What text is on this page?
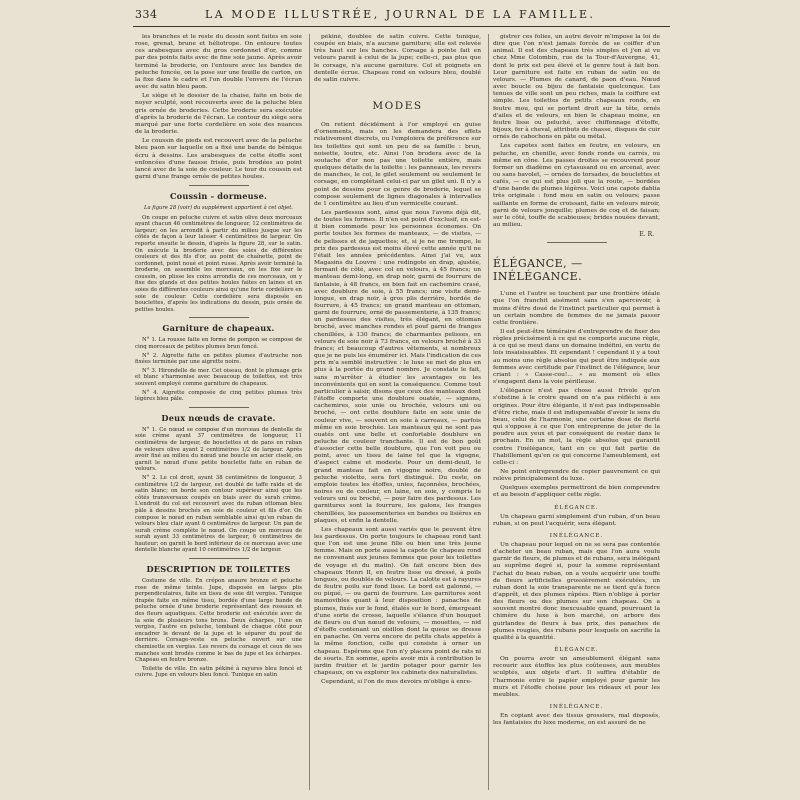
334	LA MODE ILLUSTRÉE, JOURNAL DE LA FAMILLE.

les branches et le reste du dessin sont faites en soie rose, grenat, brune et héliotrope. On entoure toutes ces arabesques avec du gros cordonnet d'or, comme par des points faits avec de fine soie jaune. Après avoir terminé la broderie, on l'entoure avec les bandes de peluche foncée, on la pose sur une feuille de carton, on la fixe dans le cadre et l'on double l'envers de l'écran avec du satin bleu paon.

Le siège et le dossier de la chaise, faite en bois de noyer sculpté, sont recouverts avec de la peluche bleu gris ornée de broderies. Cette broderie sera exécutée d'après la broderie de l'écran. Le contour du siège sera marqué par une forte cordelière en soie des nuances de la broderie.

Le coussin de pieds est recouvert avec de la peluche bleu paon sur laquelle on a fixé une bande de bénique écru à dessins. Les arabesques de cette étoffe sont enfoncées d'une fausse frisée, puis brodées au point lancé avec de la soie de couleur. Le tour du coussin est garni d'une frange ornée de petites houles.

Coussin - dormeuse.

La figure 28 (voir) du supplément appartient à cet objet.

On coupe en peluche cuivre et satin olive deux morceaux ayant chacun 46 centimètres de longueur, 12 centimètres de largeur; on les arrondit à partir du milieu jusque sur les côtés de façon à leur laisser 4 centimètres de largeur. On reporte ensuite le dessin, d'après la figure 28, sur le satin. On exécute la broderie avec des soies de différentes couleurs et des fils d'or, au point de chaînette, point de cordonnet, point noué et point russe. Après avoir terminé la broderie, on assemble les morceaux, on les fixe sur le coussin, on plisse les coins arrondis de ces morceaux, on y fixe des glands et des petites houles faites en laines et en soies de différentes couleurs ainsi qu'une forte cordelière en soie de couleur. Cette cordelière sera disposée en bouclettes, d'après les indications du dessin, puis ornée de petites houles.

Garniture de chapeaux.

N° 1. La rousse faite en forme de pompon se compose de cinq morceaux de petites plumes brun foncé.

N° 2. Aigrette faite en petites plumes d'autruche non fixées terminée par une aigrette noire.

N° 3. Hirondelle de mer. Cet oiseau, dont le plumage gris et blanc s'harmonise avec beaucoup de toilettes, est très souvent employé comme garniture de chapeaux.

N° 4. Aigrette composée de cinq petites plumes très légères bleu pâle.

Deux nœuds de cravate.

N° 1. Ce nœud se compose d'un morceau de dentelle de soie crème ayant 37 centimètres de longueur, 11 centimètres de largeur, de bouclettes et de pans en ruban de velours olive ayant 2 centimètres 1/2 de largeur. Après avoir fixé au milieu du nœud une boucle en acier ciselé, on garnit le nœud d'une petite bouclette faite en ruban de velours.

N° 2. Le col droit, ayant 38 centimètres de longueur, 3 centimètres 1/2 de largeur, est doublé de taffe raide et de satin blanc; on borde son contour supérieur ainsi que les côtés transversaux coupés en biais avec du surah crème. L'endroit du col est recouvert avec du ruban ottoman bleu pâle à dessins brochés en soie de couleur et fils d'or. On compose le nœud en ruban semblable ainsi qu'en ruban de velours bleu clair ayant 6 centimètres de largeur. Un pan de surah crème complète le nœud. On coupe un morceau de surah ayant 33 centimètres de largeur, 6 centimètres de hauteur; on garnit le bord inférieur de ce morceau avec une dentelle blanche ayant 10 centimètres 1/2 de largeur.

DESCRIPTION DE TOILETTES

Costume de ville. En crépon anaure bronze et peluche rose de même teinte. Jupe, disposée en larges plis perpendiculaires, faite en tissu de soie dit vergiss. Tunique drapée faite en même tissu, bordée d'une large bande de peluche ornée d'une broderie représentant des roseaux et des fleurs aquatiques. Cette broderie est exécutée avec de la soie de plusieurs tons bruns. Deux écharpes, l'une en vergiss, l'autre en peluche, tombant de chaque côté pour encadrer le devant de la jupe et le séparer du pouf de derrière. Corsage-veste en peluche ouvert sur une chemisette en vergiss. Les revers du corsage et ceux de ses manches sont brodés comme le bas de jupe et les écharpes. Chapeau en feutre bronze.

Toilette de ville. En satin pékiné à rayures bleu foncé et cuivre. Jupe en velours bleu foncé. Tunique en satin

pékiné, doublée de satin cuivre. Cette tunique, coupée en biais, n'a aucune garniture; elle est relevée très haut sur les hanches. Corsage à pointe fait en velours pareil à celui de la jupe; celle-ci, pas plus que le corsage, n'a aucune garniture. Col et poignets en dentelle écrue. Chapeau rond en velours bleu, doublé de satin cuivre.

MODES

On retient décidément à l'or employé en guise d'ornements, mais on les demandera des effets relativement discrets, ou l'emploiera de préférence sur les toilettes qui sont un peu de sa famille : brun, noisette, loutre, etc. Ainsi l'on brodera avec de la soutache d'or non pas une toilette entière, mais quelques détails de la toilette : les panneaux, les revers de manches, le col, le gilet seulement ou seulement le corsage, en complétant celui-ci par un gilet uni. Il n'y a point de dessins pour ce genre de broderie, lequel se compose seulement de lignes diagonales à intervalles de 1 centimètre au lieu d'un vermicelle courant.

Les pardessus sont, ainsi que nous l'avons déjà dit, de toutes les formes. Il n'en est point d'exclusif, en est-il bien commode pour les personnes économes. On porte toutes les formes de manteaux, — de visites, — de pelisses et de jaquettes; et, si je ne me trompe, le prix des pardessus est moins élevé cette année qu'il ne l'était les années précédentes. Ainsi j'ai vu, aux Magasins du Louvre : une redingote en drap, ajustée, fermant de côté, avec col en velours, à 45 francs; un manteau demi-long, en drap noir, garni de fourrure de fantaisie, à 48 francs, en bien fait en cachemire crasé, avec doublure de soie, à 55 francs; une visite demi-longue, en drap noir, à gros plis derrière, bordée de fourrure, à 45 francs; un grand manteau en ottoman, garni de fourrure, orné de passementerie, à 135 francs; un pardessus des visites, très élégant, en ottoman broché, avec manches rondes et pouf garni de franges chenillées, à 130 francs; de charmantes pelisses, en velours de soie noir à 73 francs, en velours broché à 33 francs; et beaucoup d'autres vêtements, si nombreux que je ne puis les énumérer ici. Mais l'indication de ces prix m'a semblé instructive : le luxe se met de plus en plus à la portée du grand nombre. Je constate le fait, sans m'arrêter à étudier les avantages ou les inconvénients qui en sont la conséquence. Comme tout particulier à saisir, disons que ceux des manteaux dont l'étoffe comporte une doublure ouatée, — signons, cachemires, soie unie ou brochée, velours uni ou broché, — ont cette doublure faite en soie unie de couleur vive, — souvent en soie à carreaux, — parfois même en soie brochée. Les manteaux qui ne sont pas ouatés ont une belle et confortable doublure en peluche de couleur tranchante. Il est de bon goût d'associer cette belle doublure, que l'on voit peu ou point, avec un tissu de laine tel que la vigogne, d'aspect calme et modeste. Pour un demi-deuil, le grand manteau fait en vigogne noire, doublé de peluche violette, sera fort distingué. Du reste, on emploie toutes les étoffes, unies, façonnées, brochées, noires ou de couleur, en laine, en soie, y compris le velours uni ou broché, — pour faire des pardessus. Les garnitures sont la fourrure, les galons, les franges chenillées, les passementeries en bandes ou lisières en plaques, et enfin la dentelle.

Les chapeaux sont aussi variés que le peuvent être les pardessus. On porte toujours le chapeau rond tant que l'on est une jeune fille ou bien une très jeune femme. Mais on porte aussi la capote (le chapeau rond ne convenant aux jeunes femmes que pour les toilettes de voyage et du matin). On fait encore bien des chapeaux Henri II, en feutre lisse ou dressé, à poils longues, ou doublés de velours. La calotte est à rayures de feutre poilu sur fond lisse. Le bord est galonné, — ou piqué, — ou garni de fourrure. Les garnitures sont inamovibles quant à leur disposition : panaches de plumes, fixés sur le fond, étalés sur le bord, émergeant d'une sorte de crosse, laquelle s'élance d'un bouquet de fleurs ou d'un nœud de velours, — mouettes, — nid d'étoffe contenant un oisillon dont la queue se dresse en panache. On verra encore de petits chats appelés à la même fonction, celle qui consiste à orner un chapeau. Espérons que l'on n'y placera point de rats ni de souris. En somme, après avoir mis à contribution le jardin fruitier et le jardin potager pour garnir les chapeaux, on va explorer les cabinets des naturalistes.

Cependant, si l'on de mes devoirs m'oblige à enre-

gistrer ces folies, un autre devoir m'impose la loi de dire que l'on n'est jamais forcée de se coiffer d'un animal. Il est des chapeaux très simples et j'en ai vu chez Mme Colombin, rue de la Tour-d'Auvergne, 41, dont le prix est peu élevé et le genre tout à fait bon. Leur garniture est faite en ruban de satin ou de velours. — Plumes de canard, de paon d'eau. Nœud avec boucle ou bijou de fantaisie quelconque. Les tenues de ville sont un peu riches, mais la coiffure est simple. Les toilettes de petits chapeaux ronds, en feutre mou, qui se portent droit sur la tête, ornés d'ailes et de velours, en bien le chapeau moine, en feutre lisse ou peluché, avec chiffonnage d'étoffe, bijoux, fer à cheval, attributs de chasse, disques de cuir ornés de cabochons en pâte ou métal.

Les capotes sont faites en feutre, en velours, en peluche, en chenille, avec fonds ronds ou carrés, ou même en cône. Les passes droites se recouvrent pour former un diadème en cytasusand ou en arcenal, avec ou sans bavolet, — ornées de torsades, de bouclettes et cafés, — ce qui est plus joli que la route, — bordées d'une bande de plumes légères. Voici une capote dahlia très originale : fond mou en satin ou velours; passe saillante en forme de croissant, faite en velours miroir, garni de velours jonquille; plumes de coq et de faisan; sur le côté, touffe de scabieuses; brides nouées devant, au milieu.

E. R.
ÉLÉGANCE, — INÉLÉGANCE.

L'une et l'autre se touchent par une frontière idéale que l'on franchit aisément sans s'en apercevoir, à moins d'être doué de l'instinct particulier qui permet à un certain nombre de femmes de ne jamais passer cette frontière.

Il est peut-être téméraire d'entreprendre de fixer des règles précisément à ce qui ne comporte aucune règle, à ce qui se meut dans un domaine indéfini, en vertu de lois insaisissables. Et cependant ! cependant il y a tout au moins une règle absolue qui peut être indiquée aux femmes avec certitude par l'instinct de l'élégance, leur criant : « Casse-cou!... » au moment où elles s'engagent dans la voie périlleuse.

L'élégance n'est pas chose aussi frivole qu'on s'obstine à le croire quand on n'a pas réfléchi à ses origines. Pour être élégante, il n'est pas indispensable d'être riche, mais il est indispensable d'avoir le sens du beau, celui de l'harmonie, une certaine dose de fierté qui s'oppose à ce que l'on entreprenne de jeter de la poudre aux yeux et par conséquent de rester dans le prochain. En un mot, la règle absolue qui garantit contre l'inélégance, tant en ce qui fait partie de l'habillement qu'en ce qui concerne l'ameublement, est celle-ci :

Ne point entreprendre de copier pauvrement ce qui relève principalement du luxe.

Quelques exemples permettront de bien comprendre et au besoin d'appliquer cette règle.

ÉLÉGANCE.

Un chapeau garni simplement d'un ruban, d'un beau ruban, si on peut l'acquérir, sera élégant.

INÉLÉGANCE.

Un chapeau pour lequel on ne se sera pas contentée d'acheter un beau ruban, mais que l'on aura voulu garnir de fleurs, de plumes et de rubans, sera inélégant au suprême degré si, pour la somme représentant l'achat du beau ruban, on a voulu acquérir une touffe de fleurs artificielles grossièrement exécutées, un ruban dont la soie transparente ne se tient qu'à force d'apprêt, et des plumes râpées. Rien n'oblige à porter des fleurs ou des plumes sur son chapeau. On a souvent montré donc inexcusable quand, pourvuant la chimère du luxe à bon marché, on arbore des guirlandes de fleurs à bas prix, des panaches de plumes rougies, des rubans pour lesquels on sacrifie la qualité à la quantité.

ÉLÉGANCE.

On pourra avoir un ameublement élégant sans recourir aux étoffes les plus coûteuses, aux meubles sculptés, aux objets d'art. Il suffira d'établir de l'harmonie entre le papier employé pour garnir les murs et l'étoffe choisie pour les rideaux et pour les meubles.

INÉLÉGANCE.

En copiant avec des tissus grossiers, mal disposés, les fantaisies du luxe moderne, on est assuré de ne
